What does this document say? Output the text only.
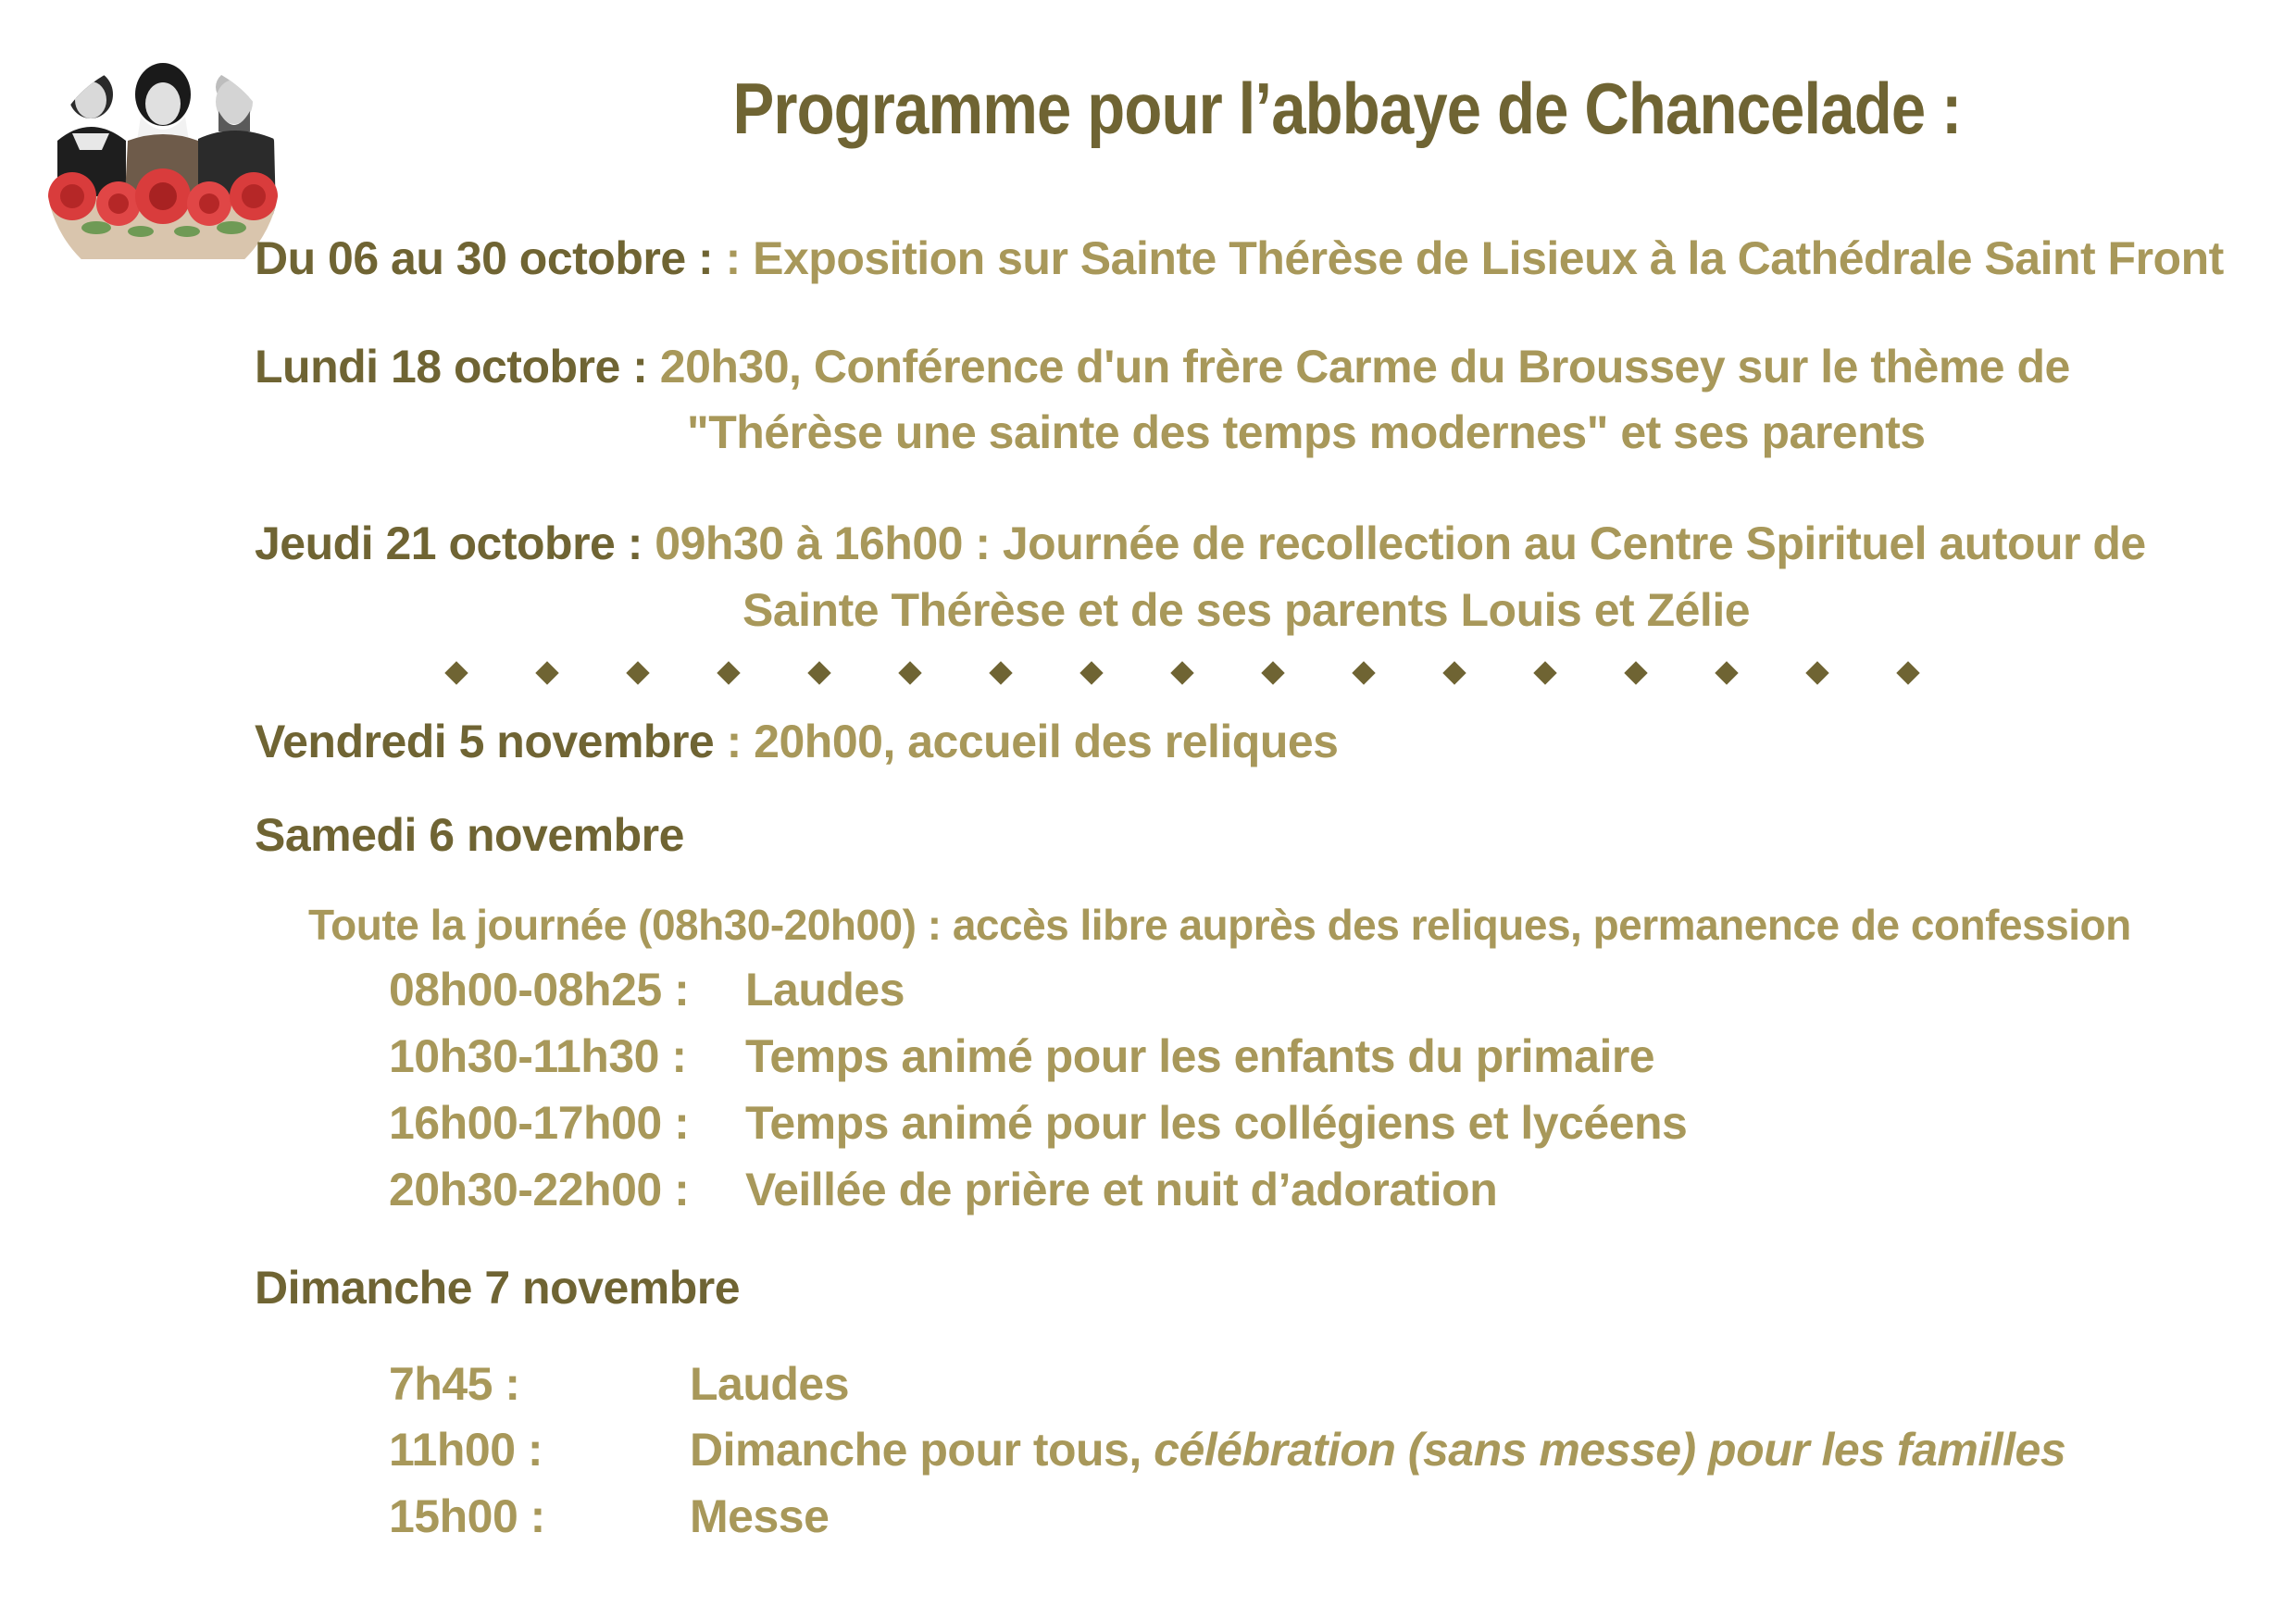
Programme pour l’abbaye de Chancelade :
Du 06 au 30 octobre : : Exposition sur Sainte Thérèse de Lisieux à la Cathédrale Saint Front
Lundi 18 octobre : 20h30, Conférence d'un frère Carme du Broussey sur le thème de
"Thérèse une sainte des temps modernes" et ses parents
Jeudi 21 octobre : 09h30 à 16h00 : Journée de recollection au Centre Spirituel autour de
Sainte Thérèse et de ses parents Louis et Zélie
Vendredi 5 novembre : 20h00, accueil des reliques
Samedi 6 novembre
Toute la journée (08h30-20h00) : accès libre auprès des reliques, permanence de confession
08h00-08h25 : Laudes
10h30-11h30 : Temps animé pour les enfants du primaire
16h00-17h00 : Temps animé pour les collégiens et lycéens
20h30-22h00 : Veillée de prière et nuit d’adoration
Dimanche 7 novembre
7h45 :	Laudes
11h00 :	Dimanche pour tous, célébration (sans messe) pour les familles
15h00 :	Messe
